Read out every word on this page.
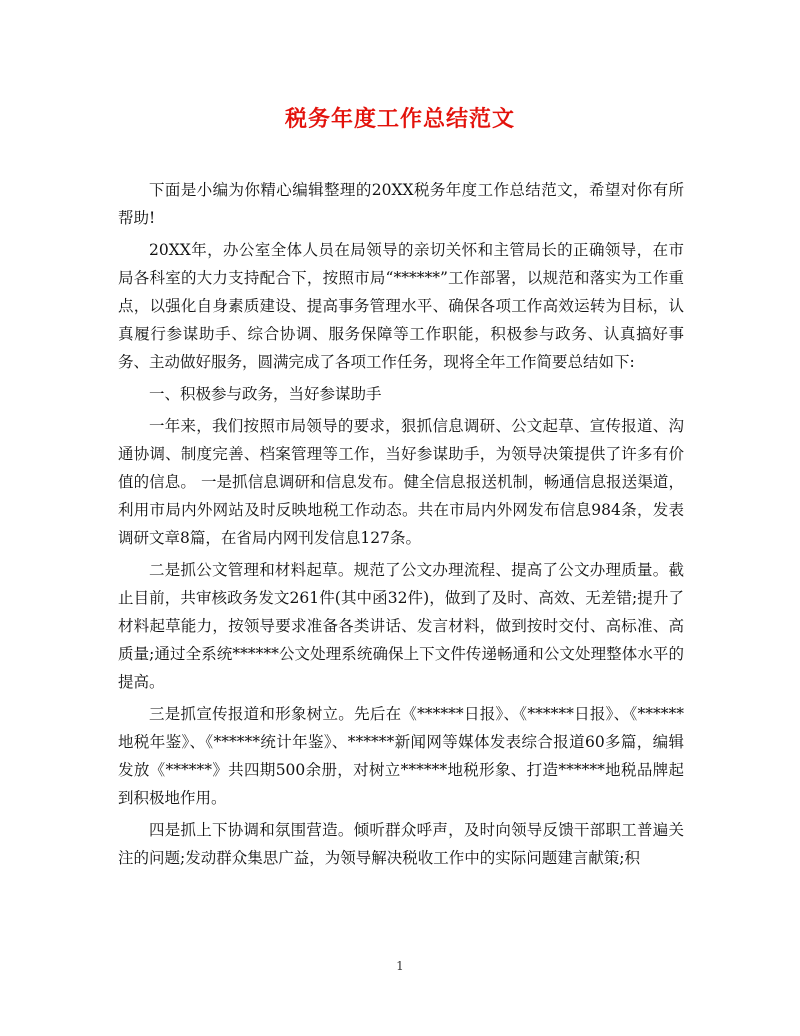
税务年度工作总结范文

下面是小编为你精心编辑整理的20XX税务年度工作总结范文，希望对你有所帮助!

20XX年，办公室全体人员在局领导的亲切关怀和主管局长的正确领导，在市局各科室的大力支持配合下，按照市局“******”工作部署，以规范和落实为工作重点，以强化自身素质建设、提高事务管理水平、确保各项工作高效运转为目标，认真履行参谋助手、综合协调、服务保障等工作职能，积极参与政务、认真搞好事务、主动做好服务，圆满完成了各项工作任务，现将全年工作简要总结如下:

一、积极参与政务，当好参谋助手

一年来，我们按照市局领导的要求，狠抓信息调研、公文起草、宣传报道、沟通协调、制度完善、档案管理等工作，当好参谋助手，为领导决策提供了许多有价值的信息。 一是抓信息调研和信息发布。健全信息报送机制，畅通信息报送渠道，利用市局内外网站及时反映地税工作动态。共在市局内外网发布信息984条，发表调研文章8篇，在省局内网刊发信息127条。

二是抓公文管理和材料起草。规范了公文办理流程、提高了公文办理质量。截止目前，共审核政务发文261件(其中函32件)，做到了及时、高效、无差错;提升了材料起草能力，按领导要求准备各类讲话、发言材料，做到按时交付、高标准、高质量;通过全系统******公文处理系统确保上下文件传递畅通和公文处理整体水平的提高。

三是抓宣传报道和形象树立。先后在《******日报》、《******日报》、《******地税年鉴》、《******统计年鉴》、******新闻网等媒体发表综合报道60多篇，编辑发放《******》共四期500余册，对树立******地税形象、打造******地税品牌起到积极地作用。

四是抓上下协调和氛围营造。倾听群众呼声，及时向领导反馈干部职工普遍关注的问题;发动群众集思广益，为领导解决税收工作中的实际问题建言献策;积

1
